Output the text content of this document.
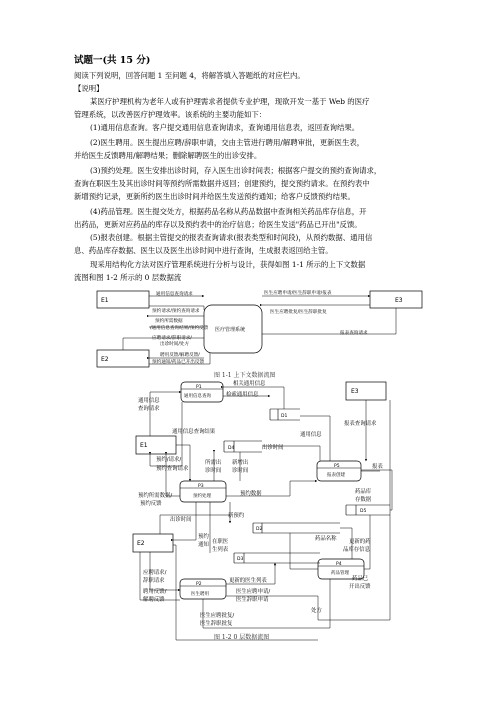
试题一(共 15 分)
阅读下列说明，回答问题 1 至问题 4，将解答填入答题纸的对应栏内。
【说明】
某医疗护理机构为老年人或有护理需求者提供专业护理，现欲开发一基于 Web 的医疗
管理系统，以改善医疗护理效率。该系统的主要功能如下：
(1)通用信息查询。客户提交通用信息查询请求，查询通用信息表，返回查询结果。
(2)医生聘用。医生提出应聘/辞职申请，交由主管进行聘用/解聘审批，更新医生表，
并给医生反馈聘用/解聘结果；删除解聘医生的出诊安排。
(3)预约处理。医生安排出诊时间，存入医生出诊时间表；根据客户提交的预约查询请求，
查询在职医生及其出诊时间等预约所需数据并返回；创建预约，提交预约请求。在预约表中
新增预约记录，更新所约医生出诊时间并给医生发送预约通知；给客户反馈预约结果。
(4)药品管理。医生提交处方，根据药品名称从药品数据中查询相关药品库存信息，开
出药品，更新对应药品的库存以及预约表中的治疗信息；给医生发送"药品已开出"反馈。
(5)报表创建。根据主管提交的报表查询请求(报表类型和时间段)，从预约数据、通用信
息、药品库存数据、医生以及医生出诊时间中进行查询，生成报表返回给主管。
现采用结构化方法对医疗管理系统进行分析与设计，获得如图 1-1 所示的上下文数据
流图和图 1-2 所示的 0 层数据流
E1
E2
E3
医疗管理系统
通用信息查询请求
预约请求/预约查询请求
预约所需数据
/通用信息查询结果/预约反馈
应聘请求/辞职请求/
出诊时间/处方
聘用反馈/解聘反馈/
预约通知/药品已开出反馈
医生应聘申请/医生辞职申请/报表
医生应聘批复/医生辞职批复
报表查询请求
图 1-1 上下文数据流图
P1
通用信息查询
P3
预约处理
P5
报表创建
P2
医生聘用
P4
药品管理
E1
E3
E2
D1
D4
D2
D3
D5
相关通用信息
检索通用信息
通用信息
查询请求
通用信息查询结果
报表查询请求
通用信息
出诊时间
报表
预约/请求/
预约查询请求
所需出
诊时间
新增出
诊时间
预约所需数据/
预约反馈
预约数据	药品库
存数据
新预约
出诊时间
预约
通知 在职医
生列表
药品名称 更新的药
品库存信息
应聘请求/
辞职请求
聘用反馈/
解聘反馈
更新的医生列表
医生应聘申请/
医生辞职申请
医生应聘批复/
医生辞职批复
处方
药品已
开出反馈
图 1-2 0 层数据流图
